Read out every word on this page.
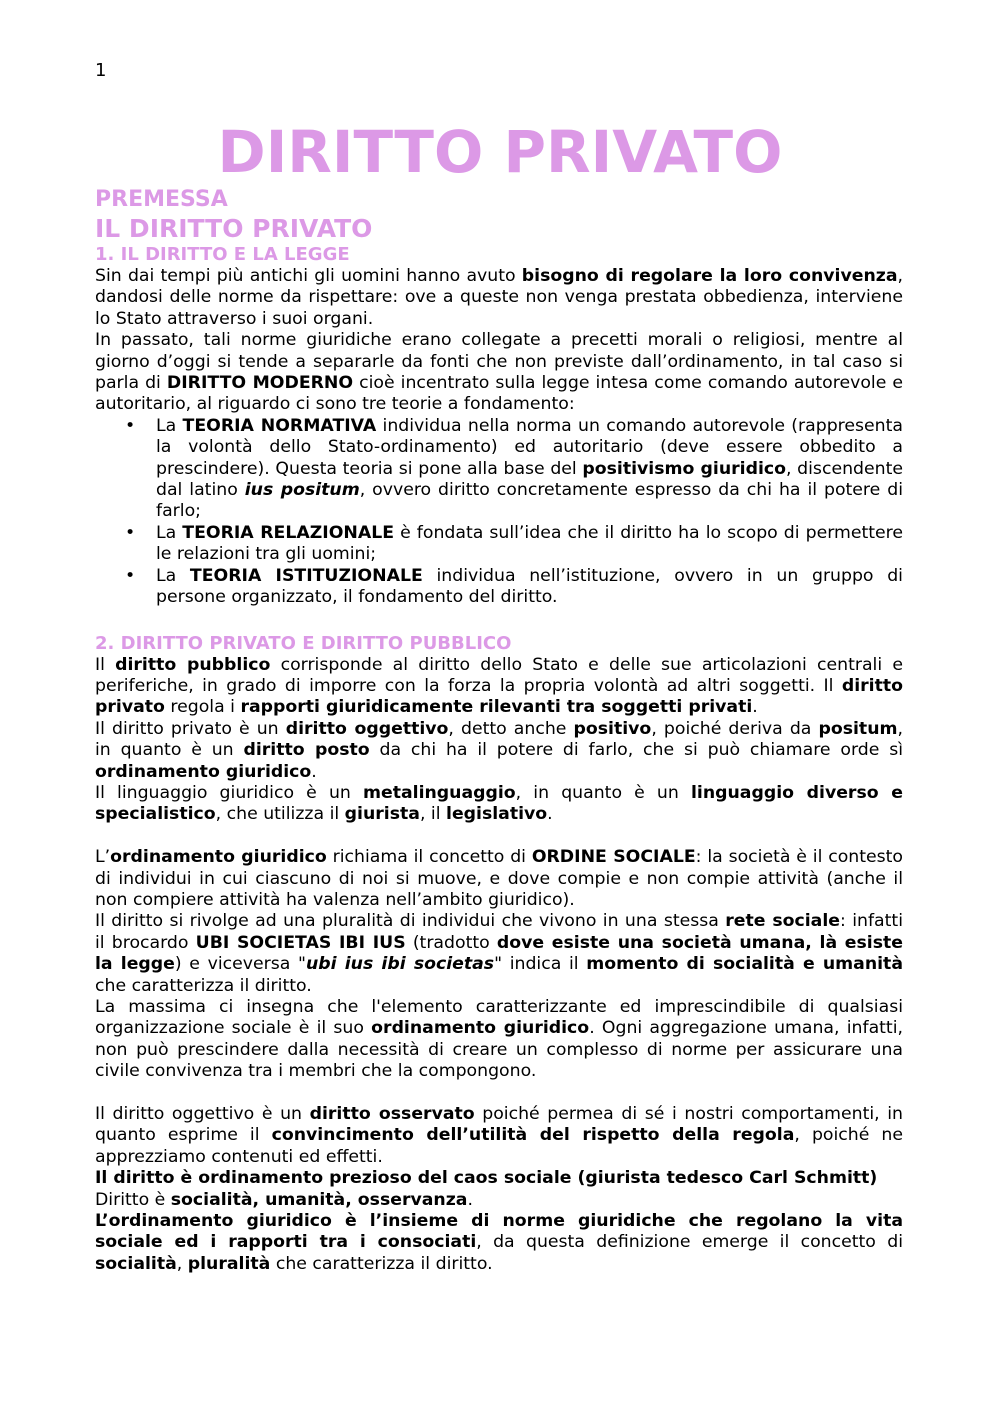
1
DIRITTO PRIVATO
PREMESSA
IL DIRITTO PRIVATO
1. IL DIRITTO E LA LEGGE

Sin dai tempi più antichi gli uomini hanno avuto bisogno di regolare la loro convivenza, dandosi delle norme da rispettare: ove a queste non venga prestata obbedienza, interviene lo Stato attraverso i suoi organi.

In passato, tali norme giuridiche erano collegate a precetti morali o religiosi, mentre al giorno d’oggi si tende a separarle da fonti che non previste dall’ordinamento, in tal caso si parla di DIRITTO MODERNO cioè incentrato sulla legge intesa come comando autorevole e autoritario, al riguardo ci sono tre teorie a fondamento:

• La TEORIA NORMATIVA individua nella norma un comando autorevole (rappresenta la volontà dello Stato-ordinamento) ed autoritario (deve essere obbedito a prescindere). Questa teoria si pone alla base del positivismo giuridico, discendente dal latino ius positum, ovvero diritto concretamente espresso da chi ha il potere di farlo;
• La TEORIA RELAZIONALE è fondata sull’idea che il diritto ha lo scopo di permettere le relazioni tra gli uomini;
• La TEORIA ISTITUZIONALE individua nell’istituzione, ovvero in un gruppo di persone organizzato, il fondamento del diritto.
2. DIRITTO PRIVATO E DIRITTO PUBBLICO

Il diritto pubblico corrisponde al diritto dello Stato e delle sue articolazioni centrali e periferiche, in grado di imporre con la forza la propria volontà ad altri soggetti. Il diritto privato regola i rapporti giuridicamente rilevanti tra soggetti privati.

Il diritto privato è un diritto oggettivo, detto anche positivo, poiché deriva da positum, in quanto è un diritto posto da chi ha il potere di farlo, che si può chiamare orde sì ordinamento giuridico.

Il linguaggio giuridico è un metalinguaggio, in quanto è un linguaggio diverso e specialistico, che utilizza il giurista, il legislativo.

L’ordinamento giuridico richiama il concetto di ORDINE SOCIALE: la società è il contesto di individui in cui ciascuno di noi si muove, e dove compie e non compie attività (anche il non compiere attività ha valenza nell’ambito giuridico).

Il diritto si rivolge ad una pluralità di individui che vivono in una stessa rete sociale: infatti il brocardo UBI SOCIETAS IBI IUS (tradotto dove esiste una società umana, là esiste la legge) e viceversa "ubi ius ibi societas" indica il momento di socialità e umanità che caratterizza il diritto.

La massima ci insegna che l'elemento caratterizzante ed imprescindibile di qualsiasi organizzazione sociale è il suo ordinamento giuridico. Ogni aggregazione umana, infatti, non può prescindere dalla necessità di creare un complesso di norme per assicurare una civile convivenza tra i membri che la compongono.

Il diritto oggettivo è un diritto osservato poiché permea di sé i nostri comportamenti, in quanto esprime il convincimento dell’utilità del rispetto della regola, poiché ne apprezziamo contenuti ed effetti.

Il diritto è ordinamento prezioso del caos sociale (giurista tedesco Carl Schmitt)

Diritto è socialità, umanità, osservanza.

L’ordinamento giuridico è l’insieme di norme giuridiche che regolano la vita sociale ed i rapporti tra i consociati, da questa definizione emerge il concetto di socialità, pluralità che caratterizza il diritto.
